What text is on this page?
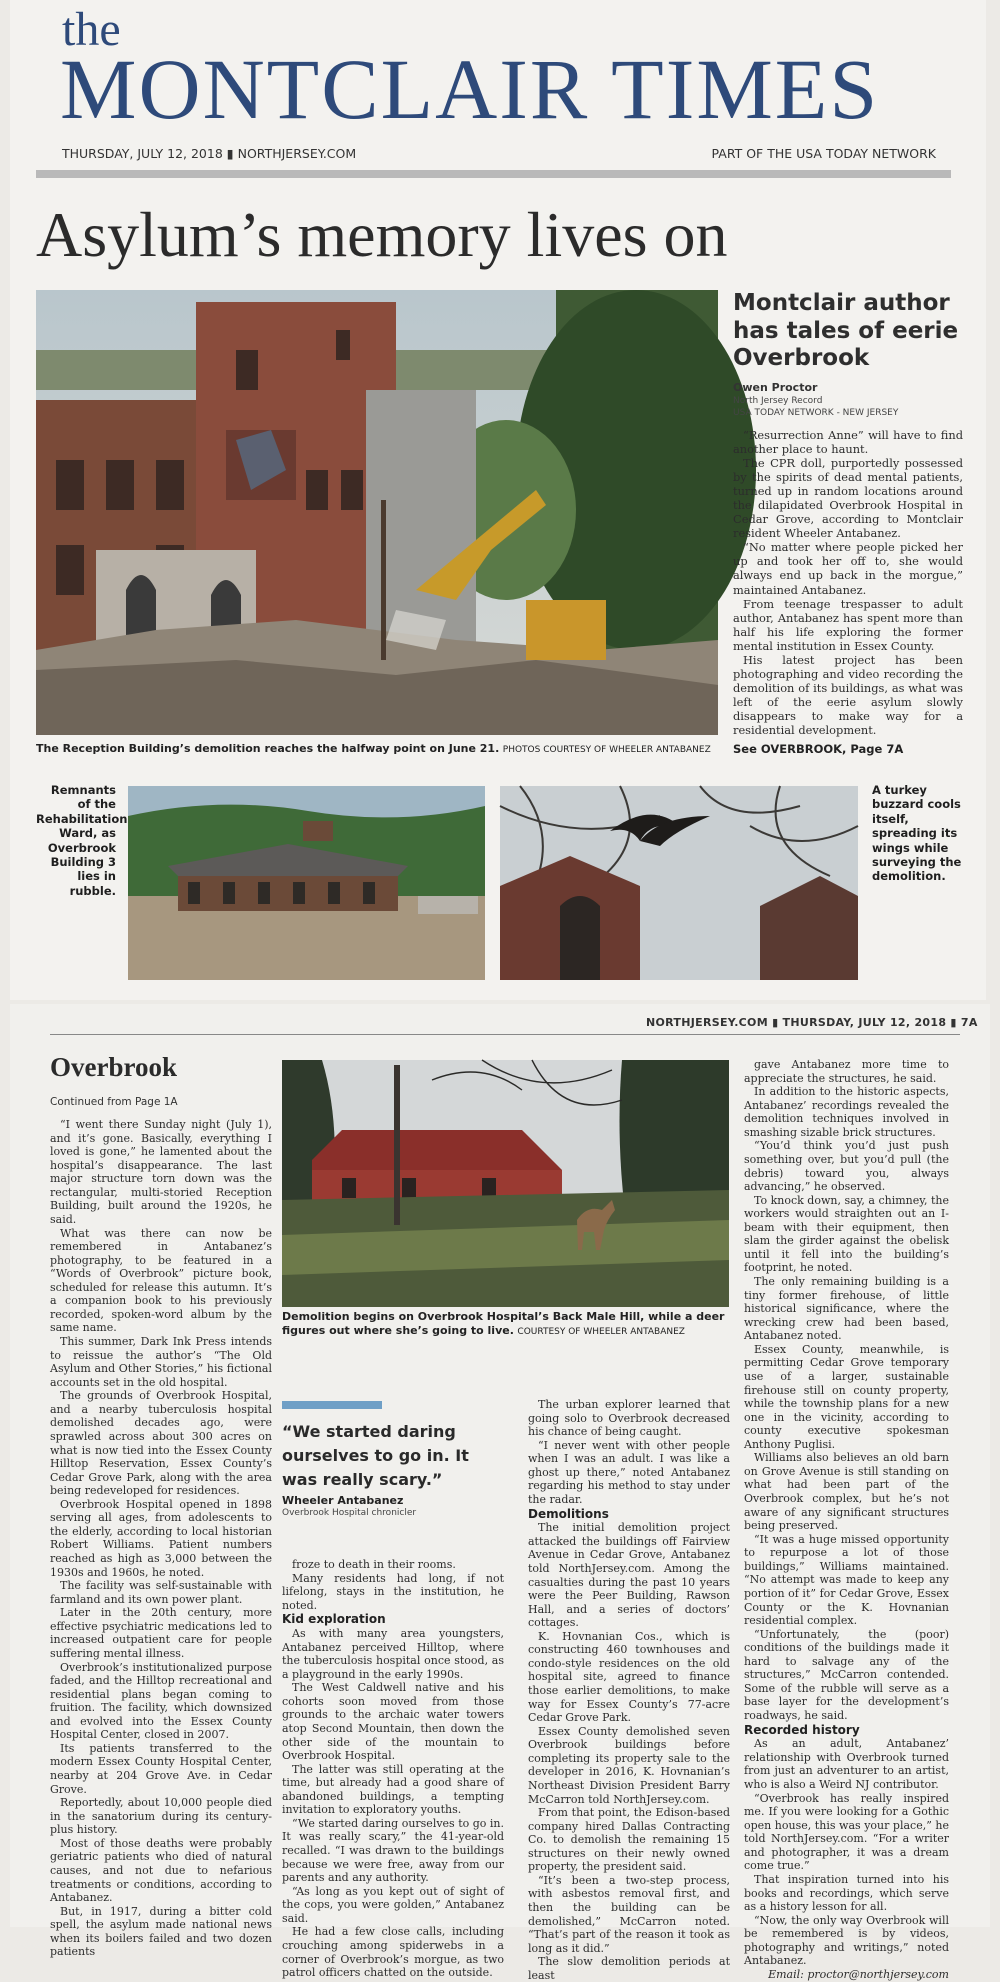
the
MONTCLAIR TIMES
THURSDAY, JULY 12, 2018 ▮ NORTHJERSEY.COM	PART OF THE USA TODAY NETWORK
Asylum’s memory lives on
The Reception Building’s demolition reaches the halfway point on June 21. PHOTOS COURTESY OF WHEELER ANTABANEZ
Montclair author has tales of eerie Overbrook
Owen Proctor
North Jersey Record
USA TODAY NETWORK - NEW JERSEY

“Resurrection Anne” will have to find another place to haunt.

The CPR doll, purportedly possessed by the spirits of dead mental patients, turned up in random locations around the dilapidated Overbrook Hospital in Cedar Grove, according to Montclair resident Wheeler Antabanez.

“No matter where people picked her up and took her off to, she would always end up back in the morgue,” maintained Antabanez.

From teenage trespasser to adult author, Antabanez has spent more than half his life exploring the former mental institution in Essex County.

His latest project has been photographing and video recording the demolition of its buildings, as what was left of the eerie asylum slowly disappears to make way for a residential development.

See OVERBROOK, Page 7A
Remnants of the Rehabilitation Ward, as Overbrook Building 3 lies in rubble.
A turkey buzzard cools itself, spreading its wings while surveying the demolition.
NORTHJERSEY.COM ▮ THURSDAY, JULY 12, 2018 ▮ 7A
Overbrook
Continued from Page 1A

“I went there Sunday night (July 1), and it’s gone. Basically, everything I loved is gone,” he lamented about the hospital’s disappearance. The last major structure torn down was the rectangular, multi-storied Reception Building, built around the 1920s, he said.

What was there can now be remembered in Antabanez’s photography, to be featured in a “Words of Overbrook” picture book, scheduled for release this autumn. It’s a companion book to his previously recorded, spoken-word album by the same name.

This summer, Dark Ink Press intends to reissue the author’s “The Old Asylum and Other Stories,” his fictional accounts set in the old hospital.

The grounds of Overbrook Hospital, and a nearby tuberculosis hospital demolished decades ago, were sprawled across about 300 acres on what is now tied into the Essex County Hilltop Reservation, Essex County’s Cedar Grove Park, along with the area being redeveloped for residences.

Overbrook Hospital opened in 1898 serving all ages, from adolescents to the elderly, according to local historian Robert Williams. Patient numbers reached as high as 3,000 between the 1930s and 1960s, he noted.

The facility was self-sustainable with farmland and its own power plant.

Later in the 20th century, more effective psychiatric medications led to increased outpatient care for people suffering mental illness.

Overbrook’s institutionalized purpose faded, and the Hilltop recreational and residential plans began coming to fruition. The facility, which downsized and evolved into the Essex County Hospital Center, closed in 2007.

Its patients transferred to the modern Essex County Hospital Center, nearby at 204 Grove Ave. in Cedar Grove.

Reportedly, about 10,000 people died in the sanatorium during its century-plus history.

Most of those deaths were probably geriatric patients who died of natural causes, and not due to nefarious treatments or conditions, according to Antabanez.

But, in 1917, during a bitter cold spell, the asylum made national news when its boilers failed and two dozen patients

Demolition begins on Overbrook Hospital’s Back Male Hill, while a deer figures out where she’s going to live. COURTESY OF WHEELER ANTABANEZ
“We started daring ourselves to go in. It was really scary.”
Wheeler Antabanez
Overbrook Hospital chronicler

froze to death in their rooms.

Many residents had long, if not lifelong, stays in the institution, he noted.

Kid exploration

As with many area youngsters, Antabanez perceived Hilltop, where the tuberculosis hospital once stood, as a playground in the early 1990s.

The West Caldwell native and his cohorts soon moved from those grounds to the archaic water towers atop Second Mountain, then down the other side of the mountain to Overbrook Hospital.

The latter was still operating at the time, but already had a good share of abandoned buildings, a tempting invitation to exploratory youths.

“We started daring ourselves to go in. It was really scary,” the 41-year-old recalled. “I was drawn to the buildings because we were free, away from our parents and any authority.

“As long as you kept out of sight of the cops, you were golden,” Antabanez said.

He had a few close calls, including crouching among spiderwebs in a corner of Overbrook’s morgue, as two patrol officers chatted on the outside.

The urban explorer learned that going solo to Overbrook decreased his chance of being caught.

“I never went with other people when I was an adult. I was like a ghost up there,” noted Antabanez regarding his method to stay under the radar.

Demolitions

The initial demolition project attacked the buildings off Fairview Avenue in Cedar Grove, Antabanez told NorthJersey.com. Among the casualties during the past 10 years were the Peer Building, Rawson Hall, and a series of doctors’ cottages.

K. Hovnanian Cos., which is constructing 460 townhouses and condo-style residences on the old hospital site, agreed to finance those earlier demolitions, to make way for Essex County’s 77-acre Cedar Grove Park.

Essex County demolished seven Overbrook buildings before completing its property sale to the developer in 2016, K. Hovnanian’s Northeast Division President Barry McCarron told NorthJersey.com.

From that point, the Edison-based company hired Dallas Contracting Co. to demolish the remaining 15 structures on their newly owned property, the president said.

“It’s been a two-step process, with asbestos removal first, and then the building can be demolished,” McCarron noted. “That’s part of the reason it took as long as it did.”

The slow demolition periods at least

gave Antabanez more time to appreciate the structures, he said.

In addition to the historic aspects, Antabanez’ recordings revealed the demolition techniques involved in smashing sizable brick structures.

“You’d think you’d just push something over, but you’d pull (the debris) toward you, always advancing,” he observed.

To knock down, say, a chimney, the workers would straighten out an I-beam with their equipment, then slam the girder against the obelisk until it fell into the building’s footprint, he noted.

The only remaining building is a tiny former firehouse, of little historical significance, where the wrecking crew had been based, Antabanez noted.

Essex County, meanwhile, is permitting Cedar Grove temporary use of a larger, sustainable firehouse still on county property, while the township plans for a new one in the vicinity, according to county executive spokesman Anthony Puglisi.

Williams also believes an old barn on Grove Avenue is still standing on what had been part of the Overbrook complex, but he’s not aware of any significant structures being preserved.

“It was a huge missed opportunity to repurpose a lot of those buildings,” Williams maintained. “No attempt was made to keep any portion of it” for Cedar Grove, Essex County or the K. Hovnanian residential complex.

“Unfortunately, the (poor) conditions of the buildings made it hard to salvage any of the structures,” McCarron contended. Some of the rubble will serve as a base layer for the development’s roadways, he said.

Recorded history

As an adult, Antabanez’ relationship with Overbrook turned from just an adventurer to an artist, who is also a Weird NJ contributor.

“Overbrook has really inspired me. If you were looking for a Gothic open house, this was your place,” he told NorthJersey.com. “For a writer and photographer, it was a dream come true.”

That inspiration turned into his books and recordings, which serve as a history lesson for all.

“Now, the only way Overbrook will be remembered is by videos, photography and writings,” noted Antabanez.

Email: proctor@northjersey.com
